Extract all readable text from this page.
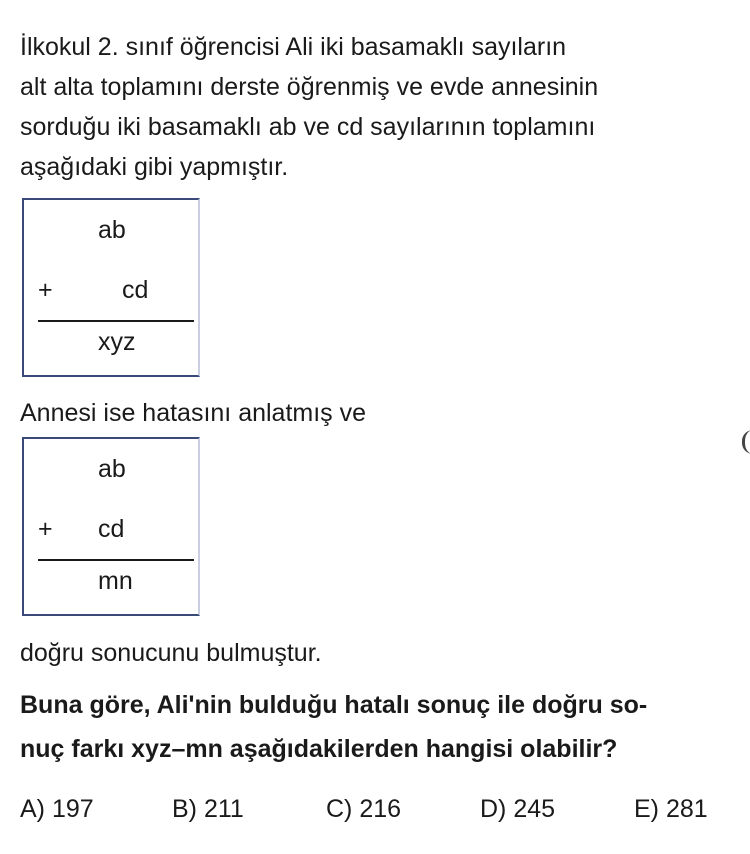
İlkokul 2. sınıf öğrencisi Ali iki basamaklı sayıların
alt alta toplamını derste öğrenmiş ve evde annesinin
sorduğu iki basamaklı ab ve cd sayılarının toplamını
aşağıdaki gibi yapmıştır.

ab
+	cd
xyz

Annesi ise hatasını anlatmış ve

ab
+ cd
mn

doğru sonucunu bulmuştur.

Buna göre, Ali'nin bulduğu hatalı sonuç ile doğru so-
nuç farkı xyz–mn aşağıdakilerden hangisi olabilir?

A) 197	B) 211	C) 216	D) 245	E) 281
